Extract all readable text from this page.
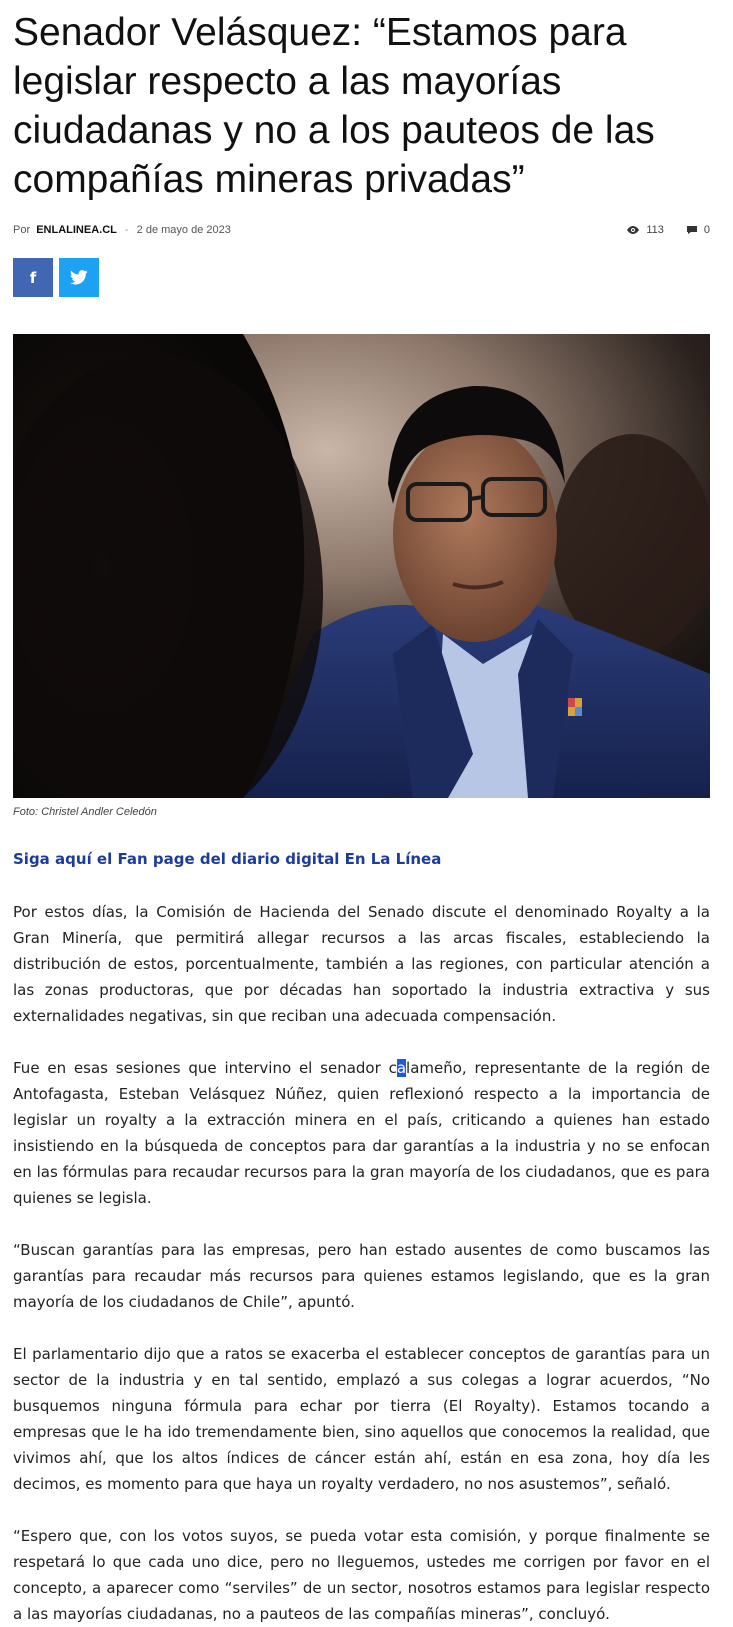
Senador Velásquez: “Estamos para legislar respecto a las mayorías ciudadanas y no a los pauteos de las compañías mineras privadas”
Por ENLALINEA.CL - 2 de mayo de 2023	113	0
f
Foto: Christel Andler Celedón
Siga aquí el Fan page del diario digital En La Línea

Por estos días, la Comisión de Hacienda del Senado discute el denominado Royalty a la Gran Minería, que permitirá allegar recursos a las arcas fiscales, estableciendo la distribución de estos, porcentualmente, también a las regiones, con particular atención a las zonas productoras, que por décadas han soportado la industria extractiva y sus externalidades negativas, sin que reciban una adecuada compensación.

Fue en esas sesiones que intervino el senador calameño, representante de la región de Antofagasta, Esteban Velásquez Núñez, quien reflexionó respecto a la importancia de legislar un royalty a la extracción minera en el país, criticando a quienes han estado insistiendo en la búsqueda de conceptos para dar garantías a la industria y no se enfocan en las fórmulas para recaudar recursos para la gran mayoría de los ciudadanos, que es para quienes se legisla.

“Buscan garantías para las empresas, pero han estado ausentes de como buscamos las garantías para recaudar más recursos para quienes estamos legislando, que es la gran mayoría de los ciudadanos de Chile”, apuntó.

El parlamentario dijo que a ratos se exacerba el establecer conceptos de garantías para un sector de la industria y en tal sentido, emplazó a sus colegas a lograr acuerdos, “No busquemos ninguna fórmula para echar por tierra (El Royalty). Estamos tocando a empresas que le ha ido tremendamente bien, sino aquellos que conocemos la realidad, que vivimos ahí, que los altos índices de cáncer están ahí, están en esa zona, hoy día les decimos, es momento para que haya un royalty verdadero, no nos asustemos”, señaló.

“Espero que, con los votos suyos, se pueda votar esta comisión, y porque finalmente se respetará lo que cada uno dice, pero no lleguemos, ustedes me corrigen por favor en el concepto, a aparecer como “serviles” de un sector, nosotros estamos para legislar respecto a las mayorías ciudadanas, no a pauteos de las compañías mineras”, concluyó.
